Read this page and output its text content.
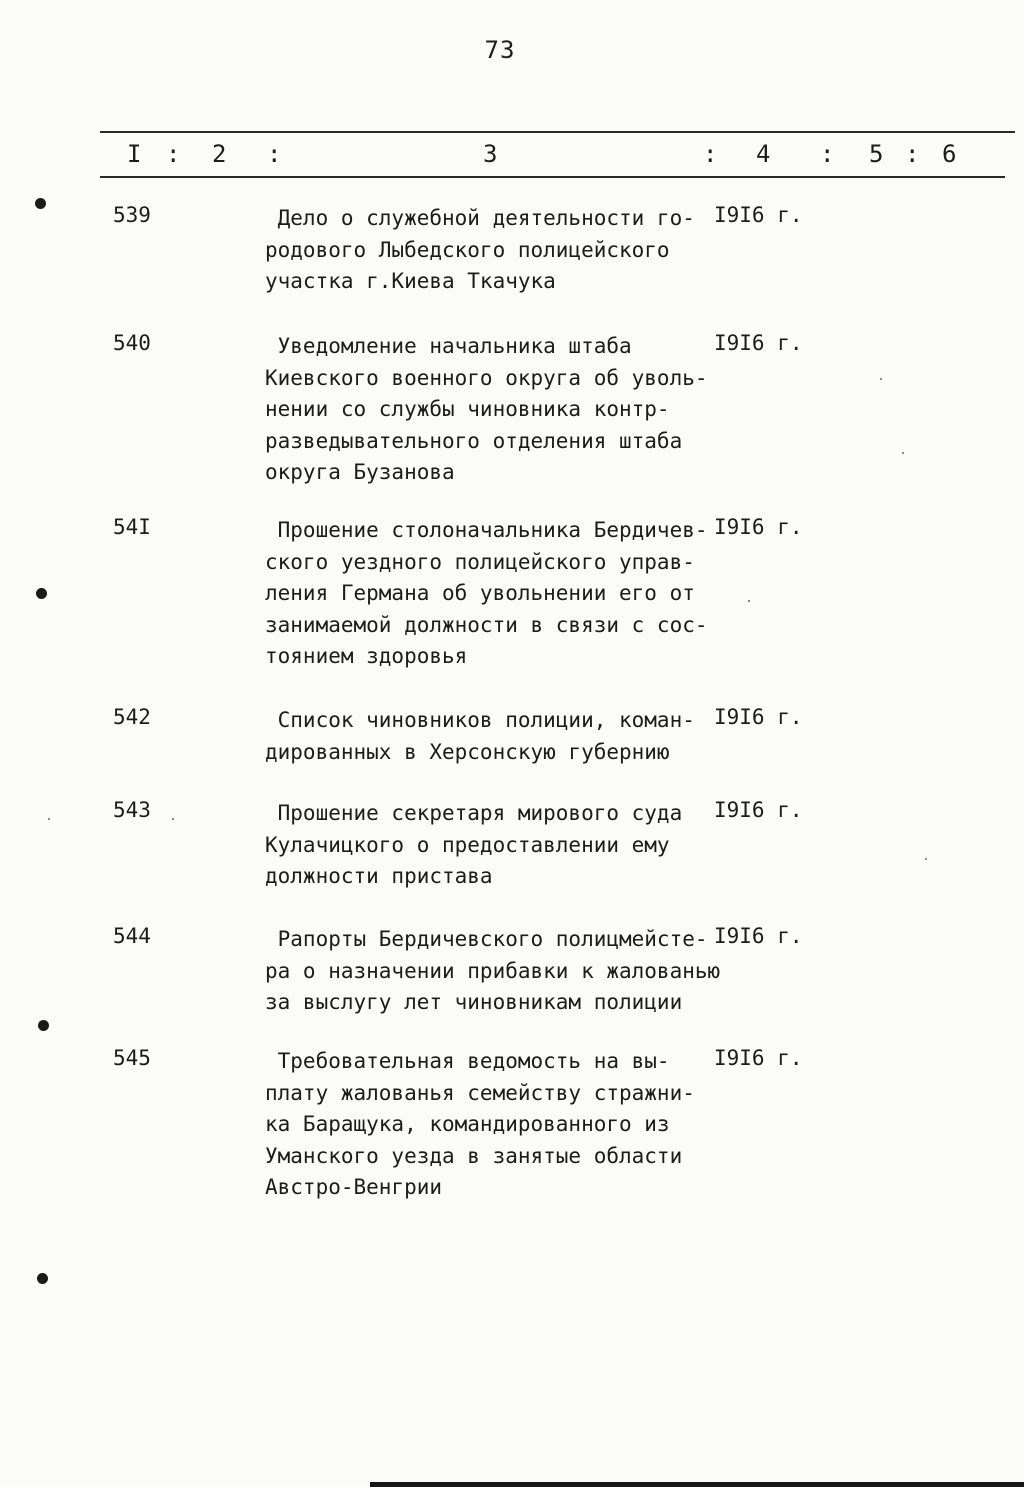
73
I : 2 :	3	: 4 : 5 : 6
539	Дело о служебной деятельности го-
родового Лыбедского полицейского
участка г.Киева Ткачука
I9I6 г.
540	Уведомление начальника штаба
Киевского военного округа об уволь-
нении со службы чиновника контр-
разведывательного отделения штаба
округа Бузанова
I9I6 г.
54I	Прошение столоначальника Бердичев-
ского уездного полицейского управ-
ления Германа об увольнении его от
занимаемой должности в связи с сос-
тоянием здоровья
I9I6 г.
542	Список чиновников полиции, коман-
дированных в Херсонскую губернию
I9I6 г.
543	Прошение секретаря мирового суда
Кулачицкого о предоставлении ему
должности пристава
I9I6 г.
544	Рапорты Бердичевского полицмейсте-
ра о назначении прибавки к жалованью
за выслугу лет чиновникам полиции
I9I6 г.
545	Требовательная ведомость на вы-
плату жалованья семейству стражни-
ка Баращука, командированного из
Уманского уезда в занятые области
Австро-Венгрии
I9I6 г.
